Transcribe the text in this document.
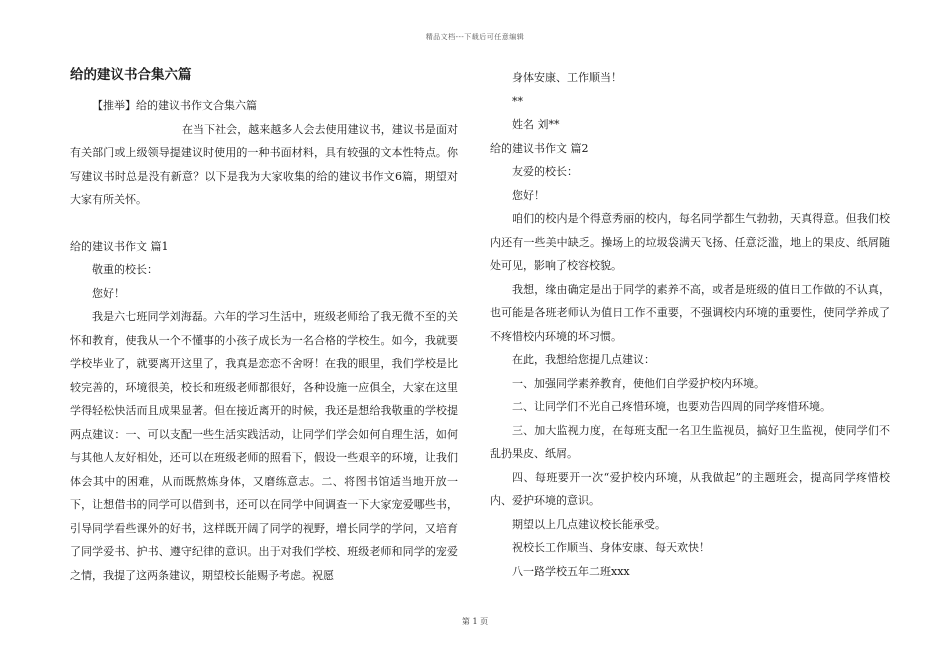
精品文档---下载后可任意编辑
给的建议书合集六篇

【推举】给的建议书作文合集六篇

在当下社会，越来越多人会去使用建议书，建议书是面对有关部门或上级领导提建议时使用的一种书面材料，具有较强的文本性特点。你写建议书时总是没有新意？以下是我为大家收集的给的建议书作文6篇，期望对大家有所关怀。

给的建议书作文 篇1

敬重的校长：

您好！

我是六七班同学刘海磊。六年的学习生活中，班级老师给了我无微不至的关怀和教育，使我从一个不懂事的小孩子成长为一名合格的学校生。如今，我就要学校毕业了，就要离开这里了，我真是恋恋不舍呀！在我的眼里，我们学校是比较完善的，环境很美，校长和班级老师都很好，各种设施一应俱全，大家在这里学得轻松快活而且成果显著。但在接近离开的时候，我还是想给我敬重的学校提两点建议：一、可以支配一些生活实践活动，让同学们学会如何自理生活，如何与其他人友好相处，还可以在班级老师的照看下，假设一些艰辛的环境，让我们体会其中的困难，从而既熬炼身体，又磨练意志。二、将图书馆适当地开放一下，让想借书的同学可以借到书，还可以在同学中间调查一下大家宠爱哪些书，引导同学看些课外的好书，这样既开阔了同学的视野，增长同学的学问，又培育了同学爱书、护书、遵守纪律的意识。出于对我们学校、班级老师和同学的宠爱之情，我提了这两条建议，期望校长能赐予考虑。祝愿

身体安康、工作顺当！

**

姓名 刘**

给的建议书作文 篇2

友爱的校长：

您好！

咱们的校内是个得意秀丽的校内，每名同学都生气勃勃，天真得意。但我们校内还有一些美中缺乏。操场上的垃圾袋满天飞扬、任意泛滥，地上的果皮、纸屑随处可见，影响了校容校貌。

我想，缘由确定是出于同学的素养不高，或者是班级的值日工作做的不认真，也可能是各班老师认为值日工作不重要，不强调校内环境的重要性，使同学养成了不疼惜校内环境的坏习惯。

在此，我想给您提几点建议：

一、加强同学素养教育，使他们自学爱护校内环境。

二、让同学们不光自己疼惜环境，也要劝告四周的同学疼惜环境。

三、加大监视力度，在每班支配一名卫生监视员，搞好卫生监视，使同学们不乱扔果皮、纸屑。

四、每班要开一次“爱护校内环境，从我做起”的主题班会，提高同学疼惜校内、爱护环境的意识。

期望以上几点建议校长能承受。

祝校长工作顺当、身体安康、每天欢快！

八一路学校五年二班xxx

第 1 页
